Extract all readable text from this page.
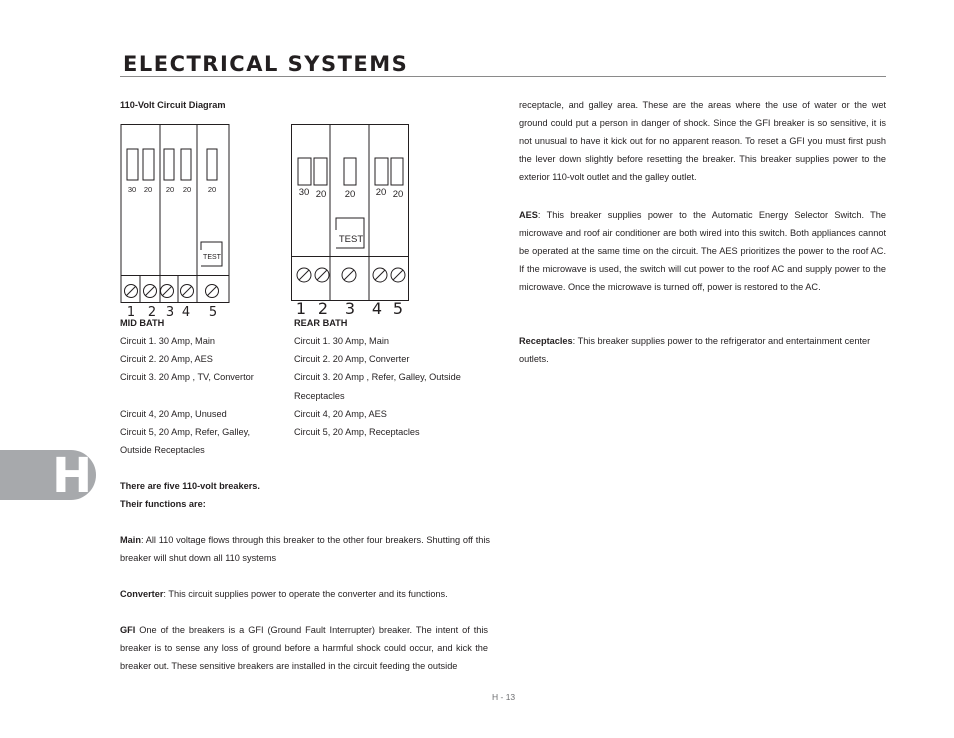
ELECTRICAL SYSTEMS
110-Volt Circuit Diagram
30 20 20 20 20
TEST
1 2 3 4 5
30 20 20 20 20
TEST
1 2 3 4 5
MID BATH
Circuit 1. 30 Amp, Main
Circuit 2. 20 Amp, AES
Circuit 3. 20 Amp , TV, Convertor
Circuit 4, 20 Amp, Unused
Circuit 5, 20 Amp, Refer, Galley,
Outside Receptacles
REAR BATH
Circuit 1. 30 Amp, Main
Circuit 2. 20 Amp, Converter
Circuit 3. 20 Amp , Refer, Galley, Outside
Receptacles
Circuit 4, 20 Amp, AES
Circuit 5, 20 Amp, Receptacles
There are five 110-volt breakers.
Their functions are:
Main: All 110 voltage flows through this breaker to the other four breakers. Shutting off this breaker will shut down all 110 systems
Converter: This circuit supplies power to operate the converter and its functions.
GFI One of the breakers is a GFI (Ground Fault Interrupter) breaker. The intent of this breaker is to sense any loss of ground before a harmful shock could occur, and kick the breaker out. These sensitive breakers are installed in the circuit feeding the outside
receptacle, and galley area. These are the areas where the use of water or the wet ground could put a person in danger of shock. Since the GFI breaker is so sensitive, it is not unusual to have it kick out for no apparent reason. To reset a GFI you must first push the lever down slightly before resetting the breaker. This breaker supplies power to the exterior 110-volt outlet and the galley outlet.
AES: This breaker supplies power to the Automatic Energy Selector Switch. The microwave and roof air conditioner are both wired into this switch. Both appliances cannot be operated at the same time on the circuit. The AES prioritizes the power to the roof AC. If the microwave is used, the switch will cut power to the roof AC and supply power to the microwave. Once the microwave is turned off, power is restored to the AC.
Receptacles: This breaker supplies power to the refrigerator and entertainment center outlets.
H
H - 13
